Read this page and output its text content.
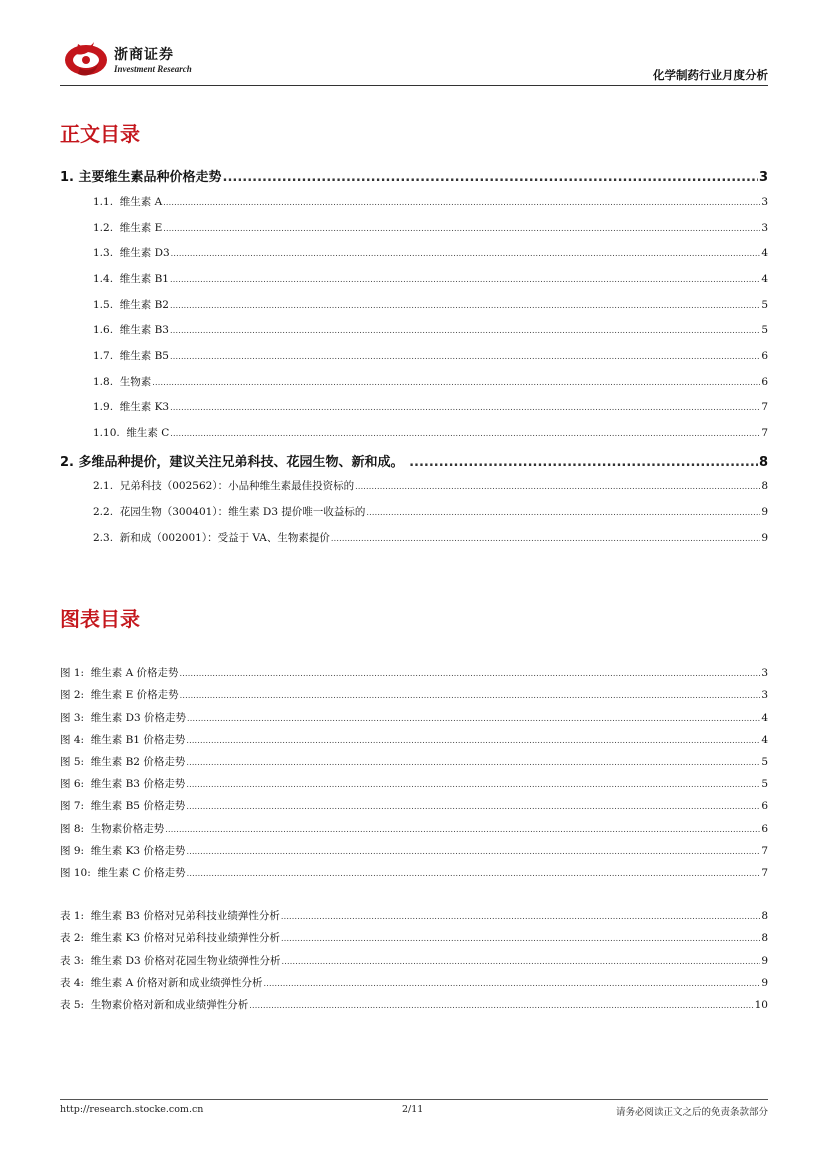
浙商证券
Investment Research	化学制药行业月度分析
正文目录
1. 主要维生素品种价格走势 .....	3
1.1. 维生素 A .....	3
1.2. 维生素 E .....	3
1.3. 维生素 D3 .....	4
1.4. 维生素 B1 .....	4
1.5. 维生素 B2 .....	5
1.6. 维生素 B3 .....	5
1.7. 维生素 B5 .....	6
1.8. 生物素 .....	6
1.9. 维生素 K3 .....	7
1.10. 维生素 C .....	7
2. 多维品种提价，建议关注兄弟科技、花园生物、新和成。 .....	8
2.1. 兄弟科技（002562）：小品种维生素最佳投资标的 .....	8
2.2. 花园生物（300401）：维生素 D3 提价唯一收益标的 .....	9
2.3. 新和成（002001）：受益于 VA、生物素提价 .....	9
图表目录
图 1: 维生素 A 价格走势 .....	3
图 2: 维生素 E 价格走势 .....	3
图 3: 维生素 D3 价格走势 .....	4
图 4: 维生素 B1 价格走势 .....	4
图 5: 维生素 B2 价格走势 .....	5
图 6: 维生素 B3 价格走势 .....	5
图 7: 维生素 B5 价格走势 .....	6
图 8: 生物素价格走势 .....	6
图 9: 维生素 K3 价格走势 .....	7
图 10: 维生素 C 价格走势 .....	7
表 1: 维生素 B3 价格对兄弟科技业绩弹性分析 .....	8
表 2: 维生素 K3 价格对兄弟科技业绩弹性分析 .....	8
表 3: 维生素 D3 价格对花园生物业绩弹性分析 .....	9
表 4: 维生素 A 价格对新和成业绩弹性分析 .....	9
表 5: 生物素价格对新和成业绩弹性分析 .....	10
http://research.stocke.com.cn	2/11	请务必阅读正文之后的免责条款部分
